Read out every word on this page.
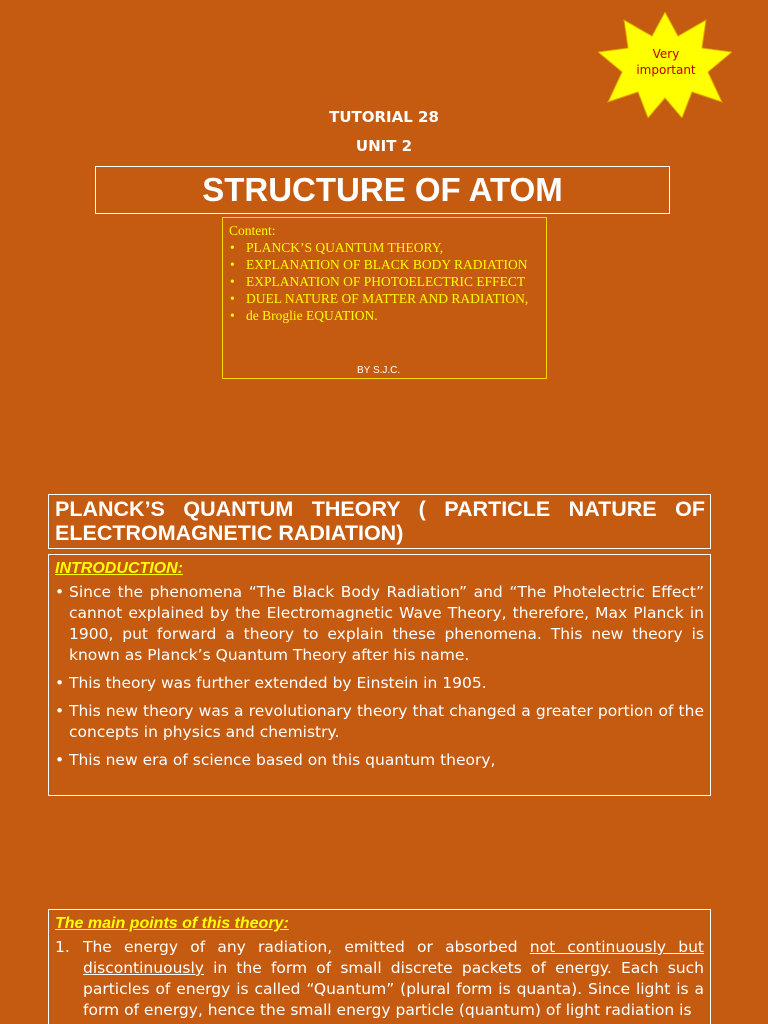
Very important
TUTORIAL 28
UNIT 2
STRUCTURE OF ATOM
Content:
• PLANCK’S QUANTUM THEORY,
• EXPLANATION OF BLACK BODY RADIATION
• EXPLANATION OF PHOTOELECTRIC EFFECT
• DUEL NATURE OF MATTER AND RADIATION,
• de Broglie EQUATION.
BY S.J.C.
PLANCK’S QUANTUM THEORY ( PARTICLE NATURE OF ELECTROMAGNETIC RADIATION)
INTRODUCTION:
• Since the phenomena “The Black Body Radiation” and “The Photelectric Effect” cannot explained by the Electromagnetic Wave Theory, therefore, Max Planck in 1900, put forward a theory to explain these phenomena. This new theory is known as Planck’s Quantum Theory after his name.
• This theory was further extended by Einstein in 1905.
• This new theory was a revolutionary theory that changed a greater portion of the concepts in physics and chemistry.
• This new era of science based on this quantum theory,
The main points of this theory:
1. The energy of any radiation, emitted or absorbed not continuously but discontinuously in the form of small discrete packets of energy. Each such particles of energy is called “Quantum” (plural form is quanta). Since light is a form of energy, hence the small energy particle (quantum) of light radiation is
